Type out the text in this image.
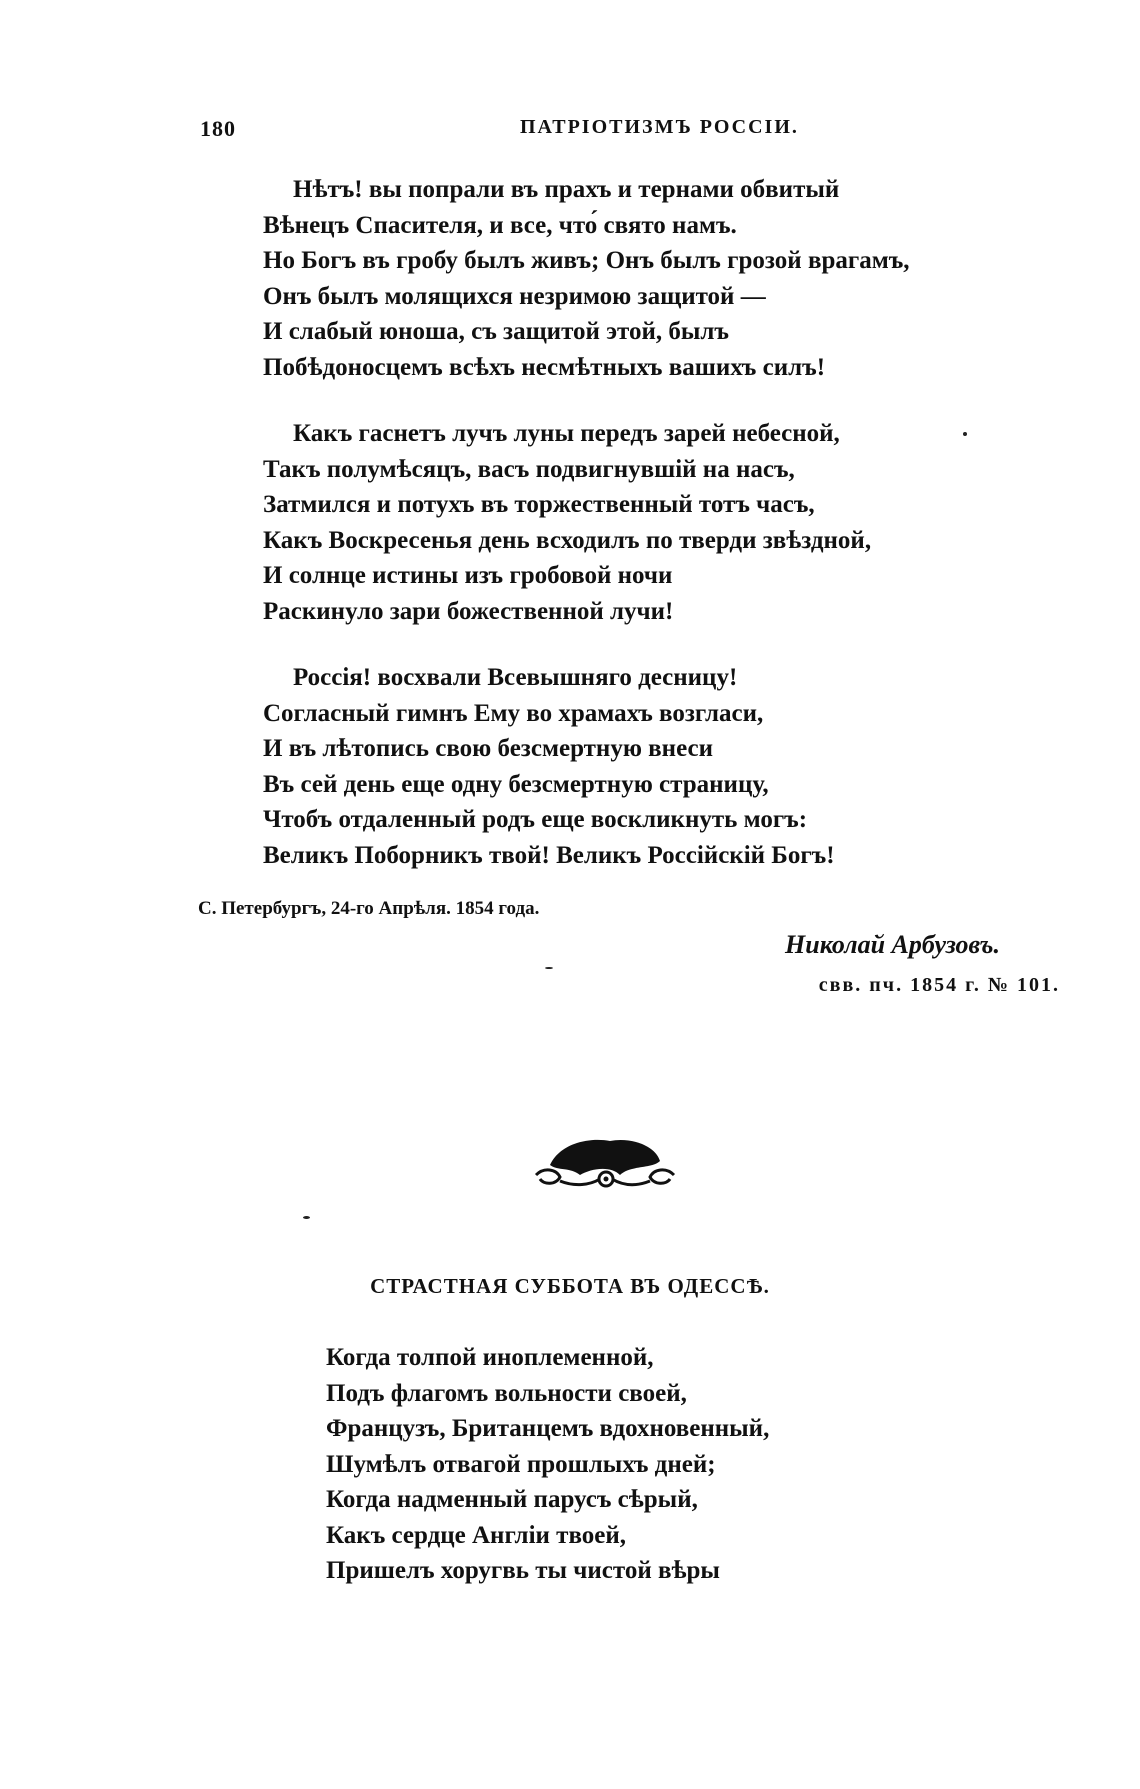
180	ПАТРІОТИЗМЪ РОССІИ.
Нѣтъ! вы попрали въ прахъ и тернами обвитый
Вѣнецъ Спасителя, и все, что́ свято намъ.
Но Богъ въ гробу былъ живъ; Онъ былъ грозой врагамъ,
Онъ былъ молящихся незримою защитой —
И слабый юноша, съ защитой этой, былъ
Побѣдоносцемъ всѣхъ несмѣтныхъ вашихъ силъ!
Какъ гаснетъ лучъ луны передъ зарей небесной,
Такъ полумѣсяцъ, васъ подвигнувшій на насъ,
Затмился и потухъ въ торжественный тотъ часъ,
Какъ Воскресенья день всходилъ по тверди звѣздной,
И солнце истины изъ гробовой ночи
Раскинуло зари божественной лучи!
Россія! восхвали Всевышняго десницу!
Согласный гимнъ Ему во храмахъ возгласи,
И въ лѣтопись свою безсмертную внеси
Въ сей день еще одну безсмертную страницу,
Чтобъ отдаленный родъ еще воскликнуть могъ:
Великъ Поборникъ твой! Великъ Россійскій Богъ!
С. Петербургъ, 24-го Апрѣля. 1854 года.
Николай Арбузовъ.
свв. пч. 1854 г. № 101.
СТРАСТНАЯ СУББОТА ВЪ ОДЕССѢ.
Когда толпой иноплеменной,
Подъ флагомъ вольности своей,
Французъ, Британцемъ вдохновенный,
Шумѣлъ отвагой прошлыхъ дней;
Когда надменный парусъ сѣрый,
Какъ сердце Англіи твоей,
Пришелъ хоругвь ты чистой вѣры
